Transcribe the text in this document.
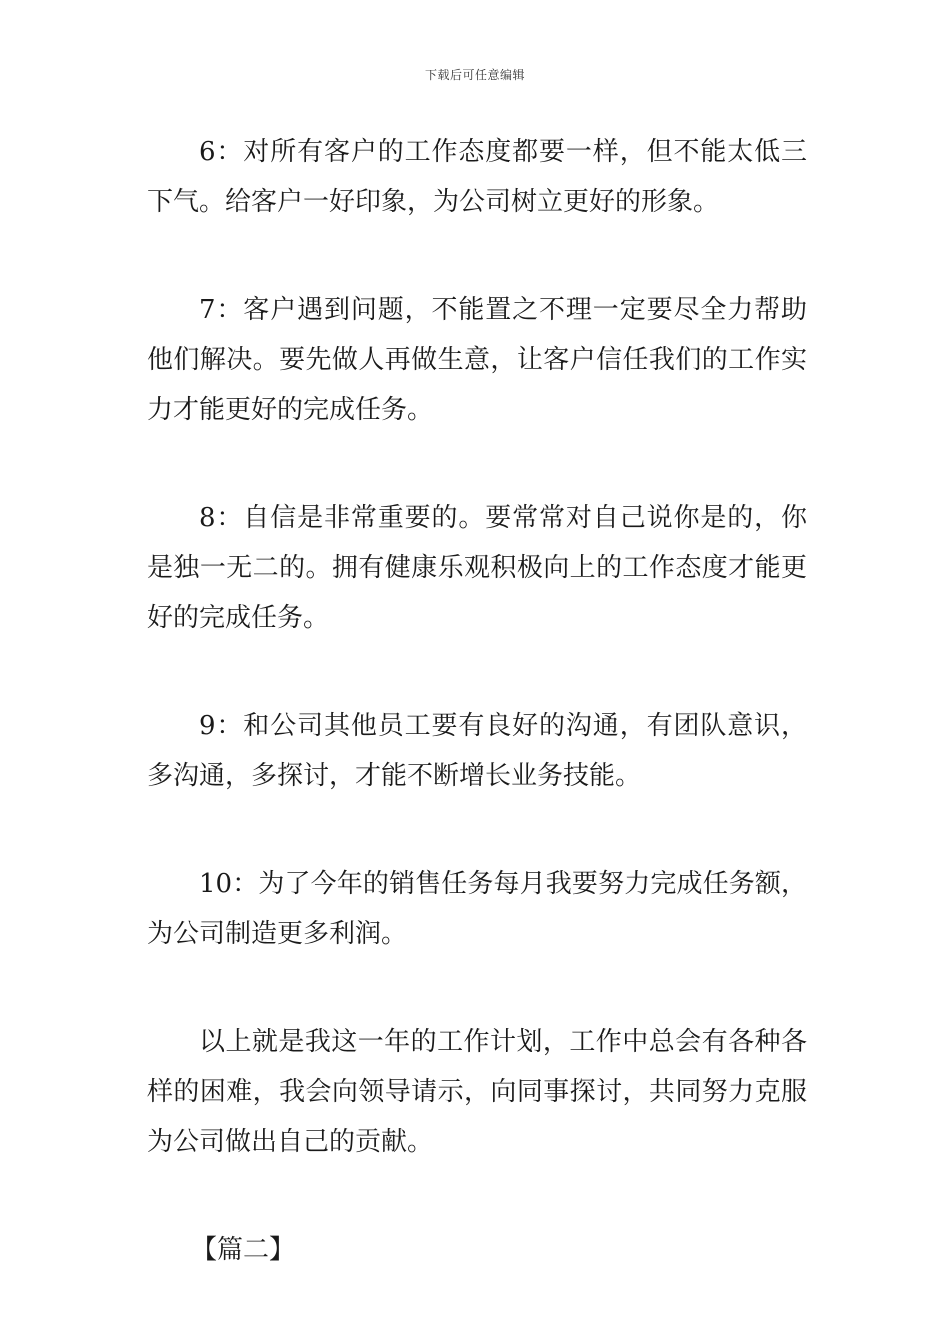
下载后可任意编辑

6：对所有客户的工作态度都要一样，但不能太低三下气。给客户一好印象，为公司树立更好的形象。

7：客户遇到问题，不能置之不理一定要尽全力帮助他们解决。要先做人再做生意，让客户信任我们的工作实力才能更好的完成任务。

8：自信是非常重要的。要常常对自己说你是的，你是独一无二的。拥有健康乐观积极向上的工作态度才能更好的完成任务。

9：和公司其他员工要有良好的沟通，有团队意识，多沟通，多探讨，才能不断增长业务技能。

10：为了今年的销售任务每月我要努力完成任务额，为公司制造更多利润。

以上就是我这一年的工作计划，工作中总会有各种各样的困难，我会向领导请示，向同事探讨，共同努力克服为公司做出自己的贡献。

【篇二】
